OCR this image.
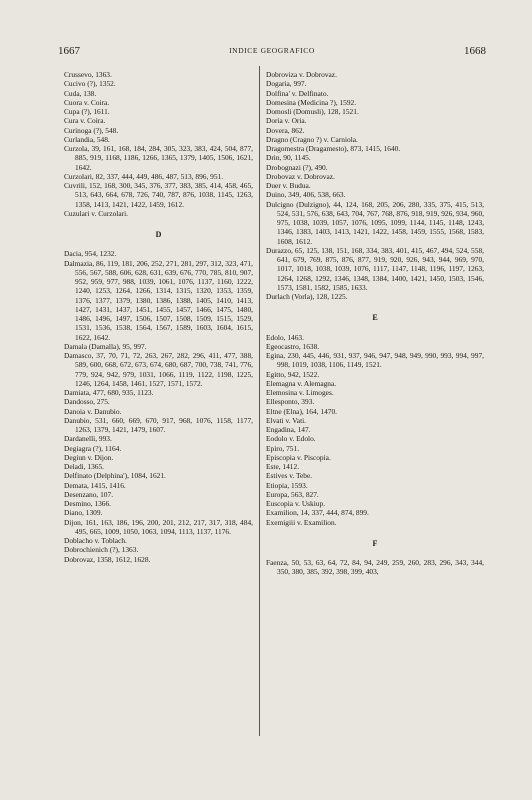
1667	INDICE GEOGRAFICO	1668
Crussevo, 1363.
Cucivo (?), 1352.
Cuda, 138.
Cuora v. Coira.
Cupa (?), 1611.
Cura v. Coira.
Curinoga (?), 548.
Curlandia, 548.
Curzola, 39, 161, 168, 184, 284, 305, 323, 383, 424, 504, 877, 885, 919, 1168, 1186, 1266, 1365, 1379, 1405, 1506, 1621, 1642.
Curzolari, 82, 337, 444, 449, 486, 487, 513, 896, 951.
Cuvrili, 152, 168, 300, 345, 376, 377, 383, 385, 414, 458, 465, 513, 643, 664, 678, 726, 740, 787, 876, 1038, 1145, 1263, 1358, 1413, 1421, 1422, 1459, 1612.
Cuzulari v. Curzolari.
D
Dacia, 954, 1232.
Dalmazia, 86, 119, 181, 206, 252, 271, 281, 297, 312, 323, 471, 556, 567, 588, 606, 628, 631, 639, 676, 770, 785, 810, 907, 952, 959, 977, 988, 1039, 1061, 1076, 1137, 1160, 1222, 1240, 1253, 1264, 1266, 1314, 1315, 1320, 1353, 1359, 1376, 1377, 1379, 1380, 1386, 1388, 1405, 1410, 1413, 1427, 1431, 1437, 1451, 1455, 1457, 1466, 1475, 1480, 1486, 1496, 1497, 1506, 1507, 1508, 1509, 1515, 1529, 1531, 1536, 1538, 1564, 1567, 1589, 1603, 1604, 1615, 1622, 1642.
Damala (Damalla), 95, 997.
Damasco, 37, 70, 71, 72, 263, 267, 282, 296, 411, 477, 388, 589, 600, 668, 672, 673, 674, 680, 687, 700, 738, 741, 776, 779, 924, 942, 979, 1031, 1066, 1119, 1122, 1198, 1225, 1246, 1264, 1458, 1461, 1527, 1571, 1572.
Damiata, 477, 680, 935, 1123.
Dandosso, 275.
Danoia v. Danubio.
Danubio, 531, 660, 669, 670, 917, 968, 1076, 1158, 1177, 1263, 1379, 1421, 1479, 1607.
Dardanelli, 993.
Degiagra (?), 1164.
Degiun v. Dijon.
Deladi, 1365.
Delfinato (Delphina'), 1084, 1621.
Demata, 1415, 1416.
Desenzano, 107.
Desmino, 1366.
Diano, 1309.
Dijon, 161, 163, 186, 196, 200, 201, 212, 217, 317, 318, 484, 495, 665, 1009, 1050, 1063, 1094, 1113, 1137, 1176.
Doblacho v. Toblach.
Dobrochienich (?), 1363.
Dobrovaz, 1358, 1612, 1628.
Dobroviza v. Dobrovaz.
Dogaria, 997.
Dolfina' v. Delfinato.
Domesina (Medicina ?), 1592.
Domosli (Domusli), 128, 1521.
Doria v. Oria.
Dovera, 862.
Dragno (Cragno ?) v. Carniola.
Dragomestra (Dragamesto), 873, 1415, 1640.
Drin, 90, 1145.
Drobognazi (?), 490.
Drobovaz v. Dobrovaz.
Duer v. Budua.
Duino, 349, 406, 538, 663.
Dulcigno (Dulzigno), 44, 124, 168, 205, 206, 280, 335, 375, 415, 513, 524, 531, 576, 638, 643, 704, 767, 768, 876, 918, 919, 926, 934, 960, 975, 1038, 1039, 1057, 1076, 1095, 1099, 1144, 1145, 1148, 1243, 1346, 1383, 1403, 1413, 1421, 1422, 1458, 1459, 1555, 1568, 1583, 1608, 1612.
Durazzo, 65, 125, 138, 151, 168, 334, 383, 401, 415, 467, 494, 524, 558, 641, 679, 769, 875, 876, 877, 919, 920, 926, 943, 944, 969, 970, 1017, 1018, 1038, 1039, 1076, 1117, 1147, 1148, 1196, 1197, 1263, 1264, 1268, 1292, 1346, 1348, 1384, 1400, 1421, 1450, 1503, 1546, 1573, 1581, 1582, 1585, 1633.
Durlach (Vorla), 128, 1225.
E
Edolo, 1463.
Egeocastro, 1638.
Egina, 230, 445, 446, 931, 937, 946, 947, 948, 949, 990, 993, 994, 997, 998, 1019, 1038, 1106, 1149, 1521.
Egitto, 942, 1522.
Elemagna v. Alemagna.
Elemosina v. Limoges.
Ellesponto, 393.
Eltne (Elna), 164, 1470.
Elvati v. Vati.
Engadina, 147.
Eodolo v. Edolo.
Epiro, 751.
Episcopia v. Piscopia.
Este, 1412.
Estives v. Tebe.
Etiopia, 1593.
Europa, 563, 827.
Euscopia v. Uskiup.
Examilion, 14, 337, 444, 874, 899.
Exemigiii v. Examilion.
F
Faenza, 50, 53, 63, 64, 72, 84, 94, 249, 259, 260, 283, 296, 343, 344, 350, 380, 385, 392, 398, 399, 403,
